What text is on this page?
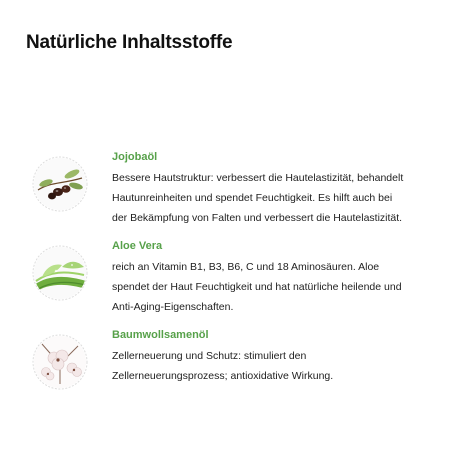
Natürliche Inhaltsstoffe
Jojobaöl
Bessere Hautstruktur: verbessert die Hautelastizität, behandelt
Hautunreinheiten und spendet Feuchtigkeit. Es hilft auch bei
der Bekämpfung von Falten und verbessert die Hautelastizität.
Aloe Vera
reich an Vitamin B1, B3, B6, C und 18 Aminosäuren. Aloe
spendet der Haut Feuchtigkeit und hat natürliche heilende und
Anti-Aging-Eigenschaften.
Baumwollsamenöl
Zellerneuerung und Schutz: stimuliert den
Zellerneuerungsprozess; antioxidative Wirkung.
